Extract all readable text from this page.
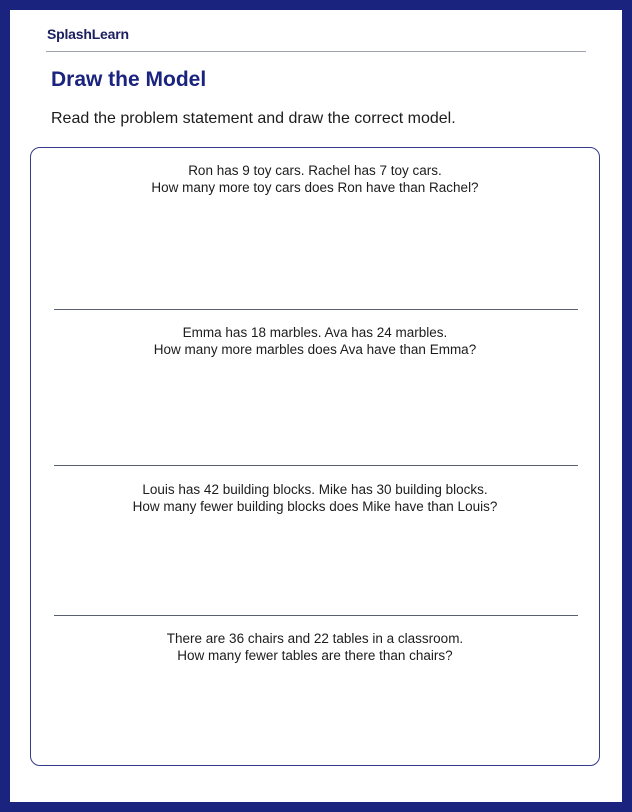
SplashLearn
Draw the Model
Read the problem statement and draw the correct model.
Ron has 9 toy cars. Rachel has 7 toy cars.
How many more toy cars does Ron have than Rachel?
Emma has 18 marbles. Ava has 24 marbles.
How many more marbles does Ava have than Emma?
Louis has 42 building blocks. Mike has 30 building blocks.
How many fewer building blocks does Mike have than Louis?
There are 36 chairs and 22 tables in a classroom.
How many fewer tables are there than chairs?
